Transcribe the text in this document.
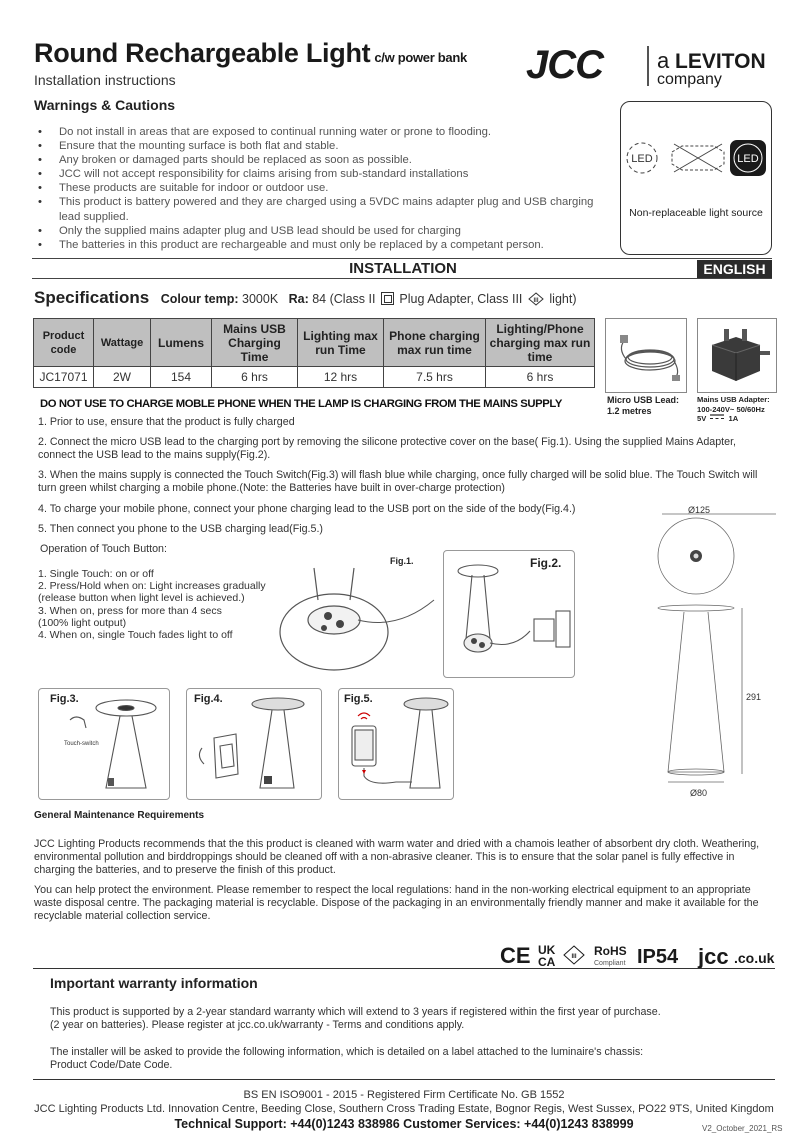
Round Rechargeable Light c/w power bank
Installation instructions	JCC a LEVITON
company
Warnings & Cautions
• Do not install in areas that are exposed to continual running water or prone to flooding.
• Ensure that the mounting surface is both flat and stable.
• Any broken or damaged parts should be replaced as soon as possible.
• JCC will not accept responsibility for claims arising from sub-standard installations
• These products are suitable for indoor or outdoor use.
• This product is battery powered and they are charged using a 5VDC mains adapter plug and USB charging lead supplied.
• Only the supplied mains adapter plug and USB lead should be used for charging
• The batteries in this product are rechargeable and must only be replaced by a competant person.
LED	LED
Non-replaceable light source
INSTALLATION	ENGLISH
Specifications Colour temp: 3000K Ra: 84 (Class II Plug Adapter, Class III III light)
Product code	Wattage	Lumens	Mains USB Charging Time	Lighting max run Time	Phone charging max run time	Lighting/Phone charging max run time
JC17071	2W	154	6 hrs	12 hrs	7.5 hrs	6 hrs
Micro USB Lead:
1.2 metres
Mains USB Adapter:
100-240V~ 50/60Hz
5V	1A
DO NOT USE TO CHARGE MOBLE PHONE WHEN THE LAMP IS CHARGING FROM THE MAINS SUPPLY
1. Prior to use, ensure that the product is fully charged
2. Connect the micro USB lead to the charging port by removing the silicone protective cover on the base( Fig.1). Using the supplied Mains Adapter, connect the USB lead to the mains supply(Fig.2).
3. When the mains supply is connected the Touch Switch(Fig.3) will flash blue while charging, once fully charged will be solid blue. The Touch Switch will turn green whilst charging a mobile phone.(Note: the Batteries have built in over-charge protection)
4. To charge your mobile phone, connect your phone charging lead to the USB port on the side of the body(Fig.4.)
5. Then connect you phone to the USB charging lead(Fig.5.)
Operation of Touch Button:
1. Single Touch: on or off
2. Press/Hold when on: Light increases gradually
(release button when light level is achieved.)
3. When on, press for more than 4 secs
(100% light output)
4. When on, single Touch fades light to off
Fig.1.	Fig.2.
Fig.3.
Touch-switch
Fig.4.	Fig.5.
Ø125
291
Ø80
General Maintenance Requirements
JCC Lighting Products recommends that the this product is cleaned with warm water and dried with a chamois leather of absorbent dry cloth. Weathering, environmental pollution and birddroppings should be cleaned off with a non-abrasive cleaner. This is to ensure that the solar panel is fully effective in charging the batteries, and to preserve the finish of this product.
You can help protect the environment. Please remember to respect the local regulations: hand in the non-working electrical equipment to an appropriate waste disposal centre. The packaging material is recyclable. Dispose of the packaging in an environmentally friendly manner and make it available for the recyclable material collection service.
CE UK
CA	III RoHS
Compliant IP54 jcc .co.uk
Important warranty information
This product is supported by a 2-year standard warranty which will extend to 3 years if registered within the first year of purchase.
(2 year on batteries). Please register at jcc.co.uk/warranty - Terms and conditions apply.
The installer will be asked to provide the following information, which is detailed on a label attached to the luminaire's chassis:
Product Code/Date Code.
BS EN ISO9001 - 2015 - Registered Firm Certificate No. GB 1552
JCC Lighting Products Ltd. Innovation Centre, Beeding Close, Southern Cross Trading Estate, Bognor Regis, West Sussex, PO22 9TS, United Kingdom
Technical Support: +44(0)1243 838986 Customer Services: +44(0)1243 838999	V2_October_2021_RS
